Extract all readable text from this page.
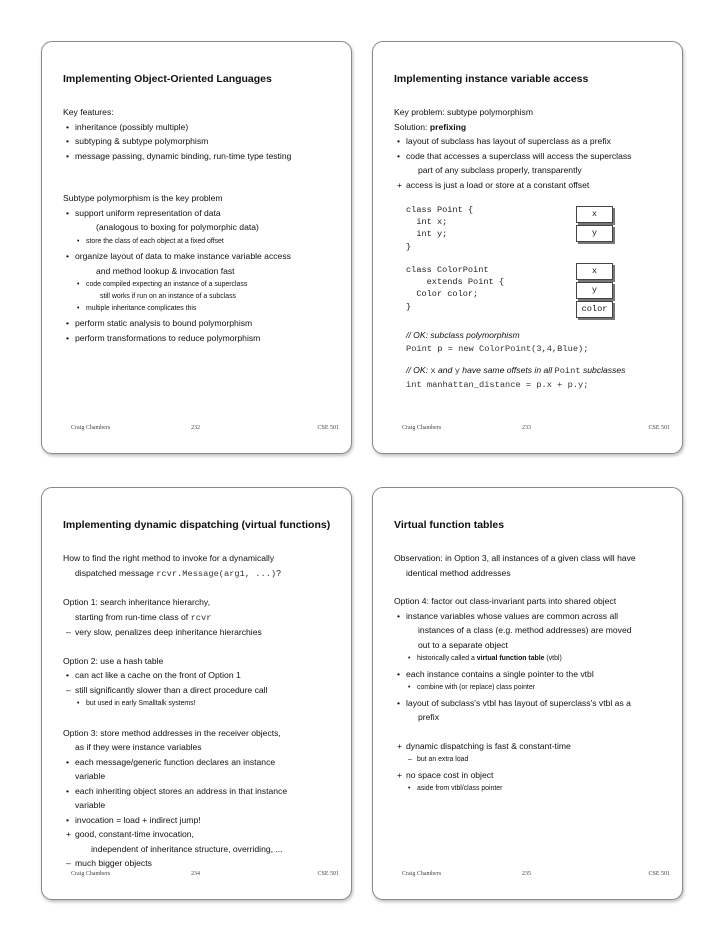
Implementing Object-Oriented Languages
Key features:
• inheritance (possibly multiple)
• subtyping & subtype polymorphism
• message passing, dynamic binding, run-time type testing
Subtype polymorphism is the key problem
• support uniform representation of data
(analogous to boxing for polymorphic data)
• store the class of each object at a fixed offset
• organize layout of data to make instance variable access
and method lookup & invocation fast
• code compiled expecting an instance of a superclass
still works if run on an instance of a subclass
• multiple inheritance complicates this
• perform static analysis to bound polymorphism
• perform transformations to reduce polymorphism
Craig Chambers	232	CSE 501
Implementing instance variable access
Key problem: subtype polymorphism
Solution: prefixing
• layout of subclass has layout of superclass as a prefix
• code that accesses a superclass will access the superclass
part of any subclass properly, transparently
+ access is just a load or store at a constant offset
class Point {
int x;
int y;
}
x
y
class ColorPoint
extends Point {
Color color;
}
x
y
color
// OK: subclass polymorphism
Point p = new ColorPoint(3,4,Blue);
// OK: x and y have same offsets in all Point subclasses
int manhattan_distance = p.x + p.y;
Craig Chambers	233	CSE 501
Implementing dynamic dispatching (virtual functions)
How to find the right method to invoke for a dynamically
dispatched message rcvr.Message(arg1, ...)?
Option 1: search inheritance hierarchy,
starting from run-time class of rcvr
– very slow, penalizes deep inheritance hierarchies
Option 2: use a hash table
• can act like a cache on the front of Option 1
– still significantly slower than a direct procedure call
• but used in early Smalltalk systems!
Option 3: store method addresses in the receiver objects,
as if they were instance variables
• each message/generic function declares an instance
variable
• each inheriting object stores an address in that instance
variable
• invocation = load + indirect jump!
+ good, constant-time invocation,
independent of inheritance structure, overriding, ...
– much bigger objects
Craig Chambers	234	CSE 501
Virtual function tables
Observation: in Option 3, all instances of a given class will have
identical method addresses
Option 4: factor out class-invariant parts into shared object
• instance variables whose values are common across all
instances of a class (e.g. method addresses) are moved
out to a separate object
• historically called a virtual function table (vtbl)
• each instance contains a single pointer to the vtbl
• combine with (or replace) class pointer
• layout of subclass's vtbl has layout of superclass's vtbl as a
prefix
+ dynamic dispatching is fast & constant-time
– but an extra load
+ no space cost in object
• aside from vtbl/class pointer
Craig Chambers	235	CSE 501
